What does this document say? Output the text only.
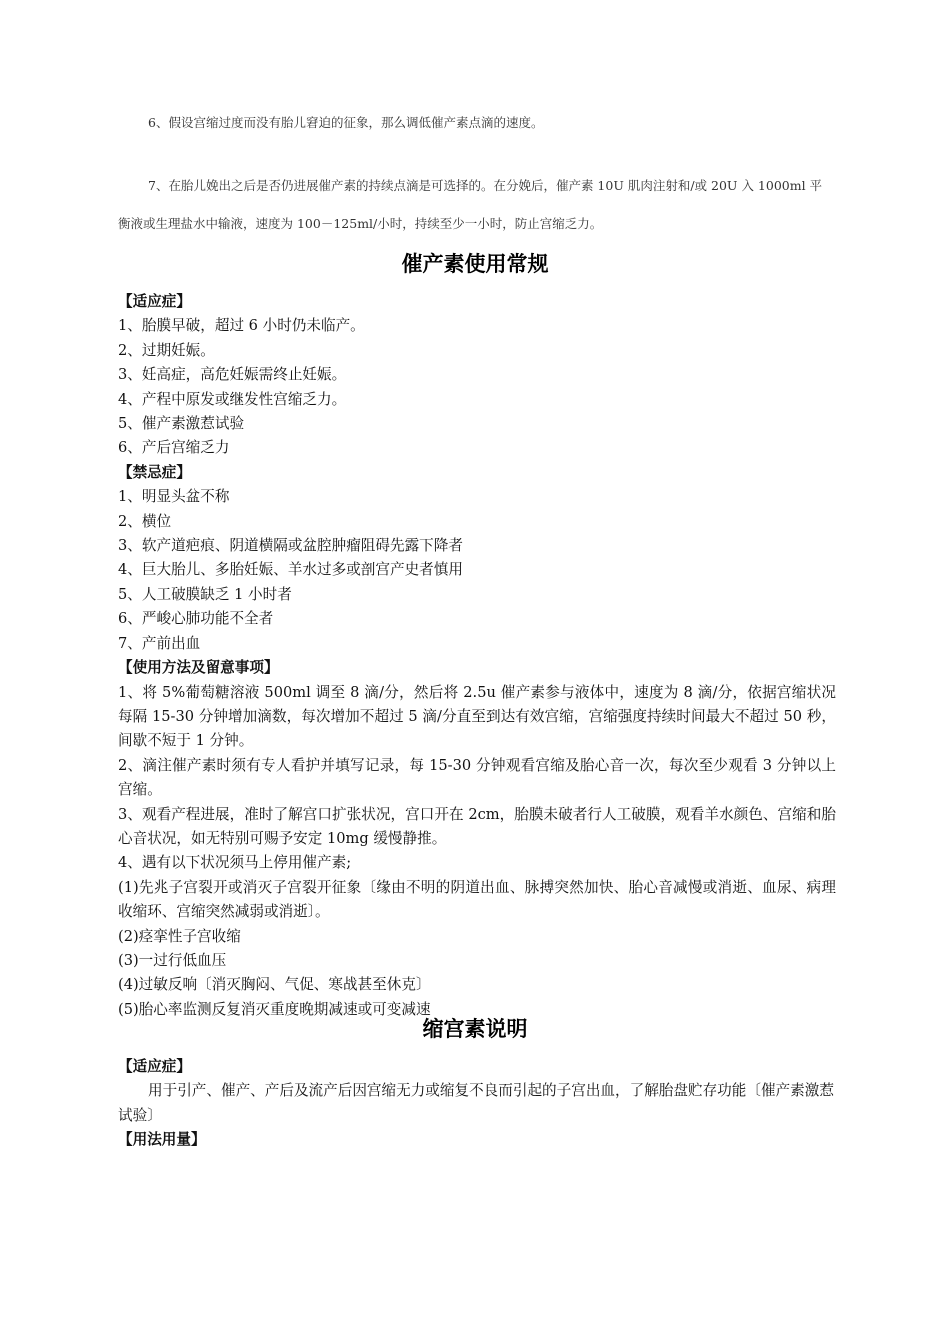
6、假设宫缩过度而没有胎儿窘迫的征象，那么调低催产素点滴的速度。

7、在胎儿娩出之后是否仍进展催产素的持续点滴是可选择的。在分娩后，催产素 10U 肌肉注射和/或 20U 入 1000ml 平衡液或生理盐水中输液，速度为 100－125ml/小时，持续至少一小时，防止宫缩乏力。

催产素使用常规

【适应症】

1、胎膜早破，超过 6 小时仍未临产。

2、过期妊娠。

3、妊高症，高危妊娠需终止妊娠。

4、产程中原发或继发性宫缩乏力。

5、催产素激惹试验

6、产后宫缩乏力

【禁忌症】

1、明显头盆不称

2、横位

3、软产道疤痕、阴道横隔或盆腔肿瘤阻碍先露下降者

4、巨大胎儿、多胎妊娠、羊水过多或剖宫产史者慎用

5、人工破膜缺乏 1 小时者

6、严峻心肺功能不全者

7、产前出血

【使用方法及留意事项】

1、将 5%葡萄糖溶液 500ml 调至 8 滴/分，然后将 2.5u 催产素参与液体中，速度为 8 滴/分，依据宫缩状况每隔 15-30 分钟增加滴数，每次增加不超过 5 滴/分直至到达有效宫缩，宫缩强度持续时间最大不超过 50 秒，间歇不短于 1 分钟。

2、滴注催产素时须有专人看护并填写记录，每 15-30 分钟观看宫缩及胎心音一次，每次至少观看 3 分钟以上宫缩。

3、观看产程进展，准时了解宫口扩张状况，宫口开在 2cm，胎膜未破者行人工破膜，观看羊水颜色、宫缩和胎心音状况，如无特别可赐予安定 10mg 缓慢静推。

4、遇有以下状况须马上停用催产素;

(1)先兆子宫裂开或消灭子宫裂开征象〔缘由不明的阴道出血、脉搏突然加快、胎心音减慢或消逝、血尿、病理收缩环、宫缩突然减弱或消逝〕。

(2)痉挛性子宫收缩

(3)一过行低血压

(4)过敏反响〔消灭胸闷、气促、寒战甚至休克〕

(5)胎心率监测反复消灭重度晚期减速或可变减速

缩宫素说明

【适应症】

用于引产、催产、产后及流产后因宫缩无力或缩复不良而引起的子宫出血，了解胎盘贮存功能〔催产素激惹试验〕

【用法用量】
